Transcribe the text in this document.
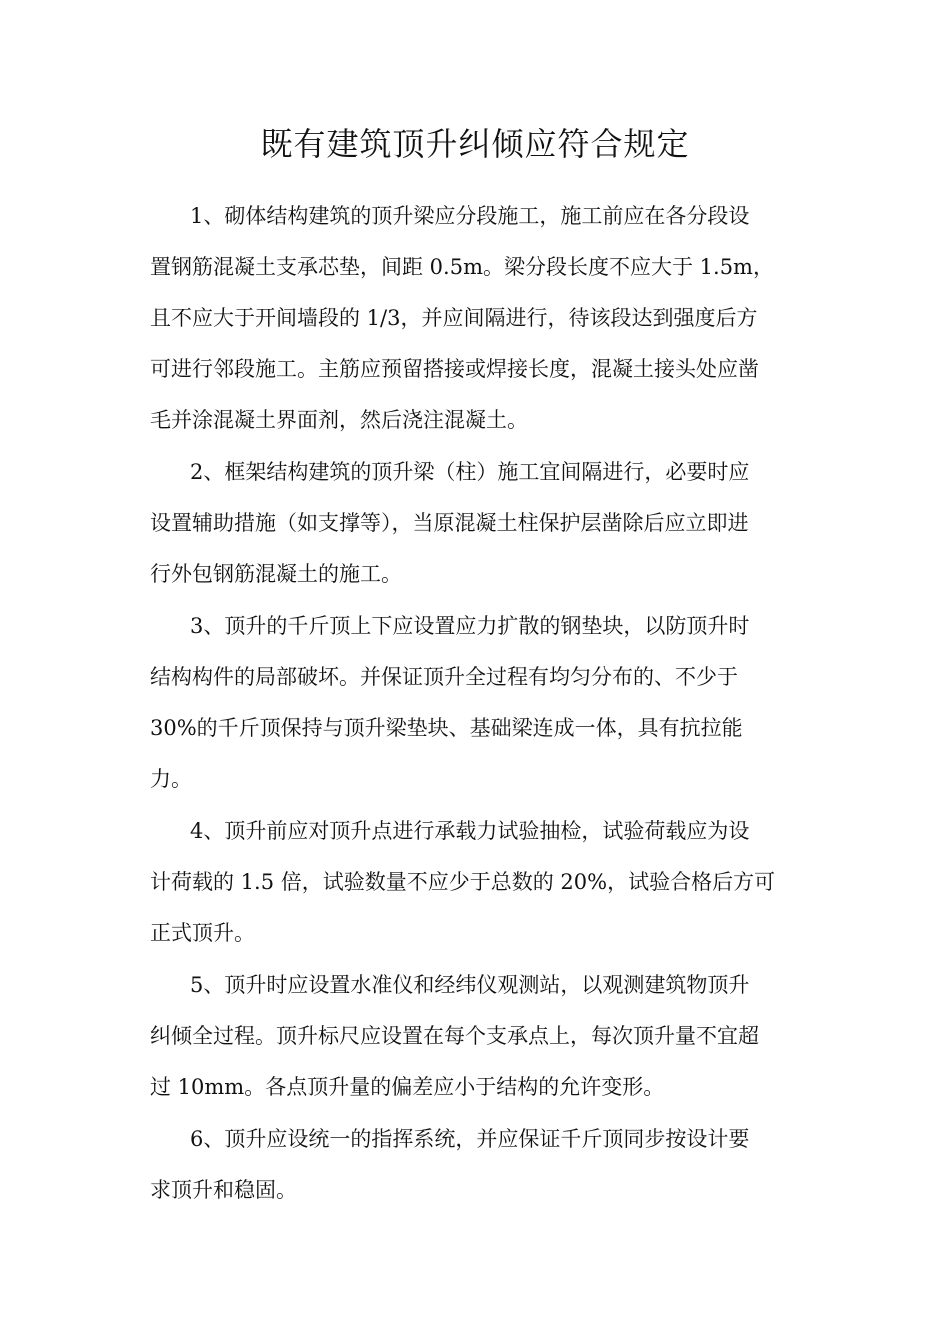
既有建筑顶升纠倾应符合规定

1、砌体结构建筑的顶升梁应分段施工，施工前应在各分段设

置钢筋混凝土支承芯垫，间距 0.5m。梁分段长度不应大于 1.5m，

且不应大于开间墙段的 1/3，并应间隔进行，待该段达到强度后方

可进行邻段施工。主筋应预留搭接或焊接长度，混凝土接头处应凿

毛并涂混凝土界面剂，然后浇注混凝土。

2、框架结构建筑的顶升梁（柱）施工宜间隔进行，必要时应

设置辅助措施（如支撑等），当原混凝土柱保护层凿除后应立即进

行外包钢筋混凝土的施工。

3、顶升的千斤顶上下应设置应力扩散的钢垫块，以防顶升时

结构构件的局部破坏。并保证顶升全过程有均匀分布的、不少于

30%的千斤顶保持与顶升梁垫块、基础梁连成一体，具有抗拉能

力。

4、顶升前应对顶升点进行承载力试验抽检，试验荷载应为设

计荷载的 1.5 倍，试验数量不应少于总数的 20%，试验合格后方可

正式顶升。

5、顶升时应设置水准仪和经纬仪观测站，以观测建筑物顶升

纠倾全过程。顶升标尺应设置在每个支承点上，每次顶升量不宜超

过 10mm。各点顶升量的偏差应小于结构的允许变形。

6、顶升应设统一的指挥系统，并应保证千斤顶同步按设计要

求顶升和稳固。
